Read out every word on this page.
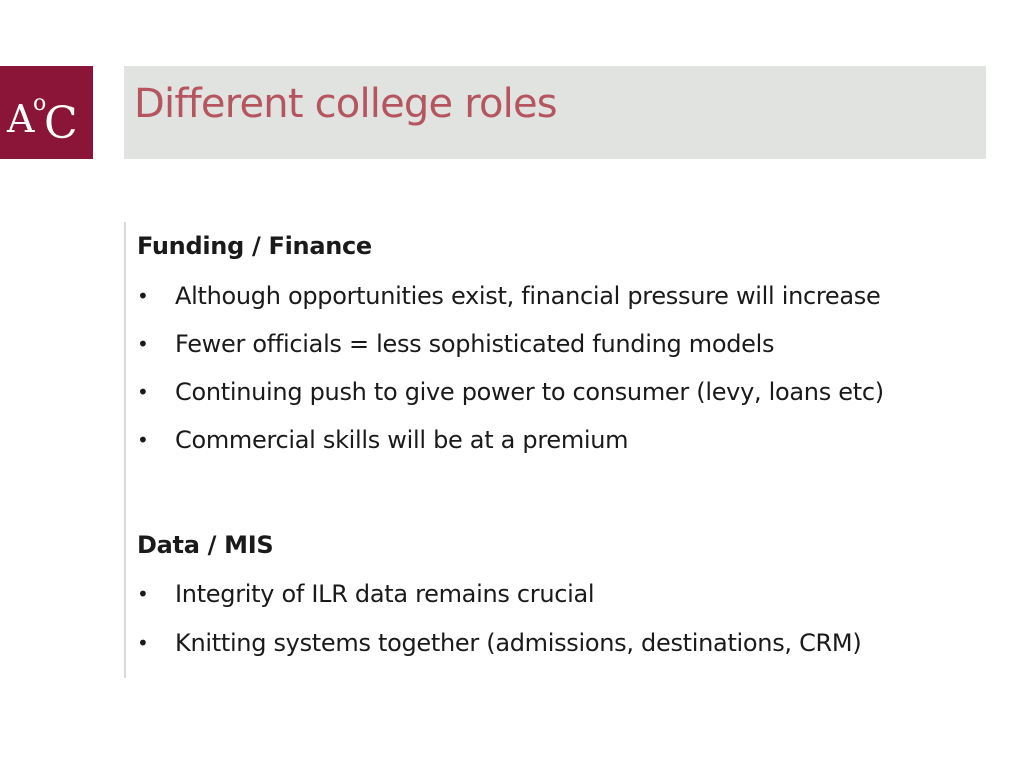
A
o
C Different college roles
Funding / Finance
•	Although opportunities exist, financial pressure will increase
•	Fewer officials = less sophisticated funding models
•	Continuing push to give power to consumer (levy, loans etc)
•	Commercial skills will be at a premium
Data / MIS
•	Integrity of ILR data remains crucial
•	Knitting systems together (admissions, destinations, CRM)
